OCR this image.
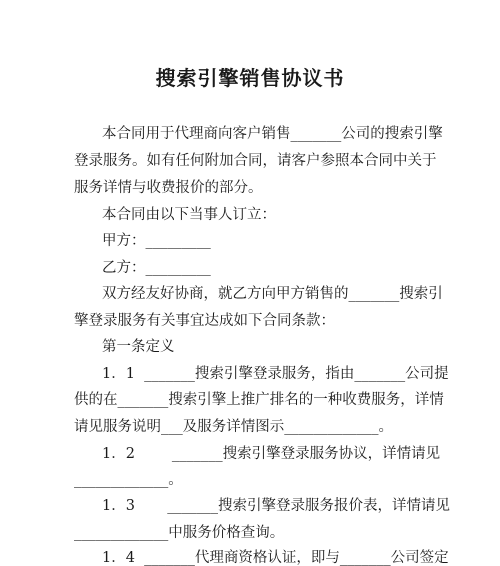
搜索引擎销售协议书
本合同用于代理商向客户销售_______公司的搜索引擎
登录服务。如有任何附加合同，请客户参照本合同中关于
服务详情与收费报价的部分。
本合同由以下当事人订立：
甲方：_________
乙方：_________
双方经友好协商，就乙方向甲方销售的_______搜索引
擎登录服务有关事宜达成如下合同条款：
第一条定义
1．1  _______搜索引擎登录服务，指由_______公司提
供的在_______搜索引擎上推广排名的一种收费服务，详情
请见服务说明___及服务详情图示_____________。
1．2        _______搜索引擎登录服务协议，详情请见
_____________。
1．3       _______搜索引擎登录服务报价表，详情请见
_____________中服务价格查询。
1．4  _______代理商资格认证，即与_______公司签定
